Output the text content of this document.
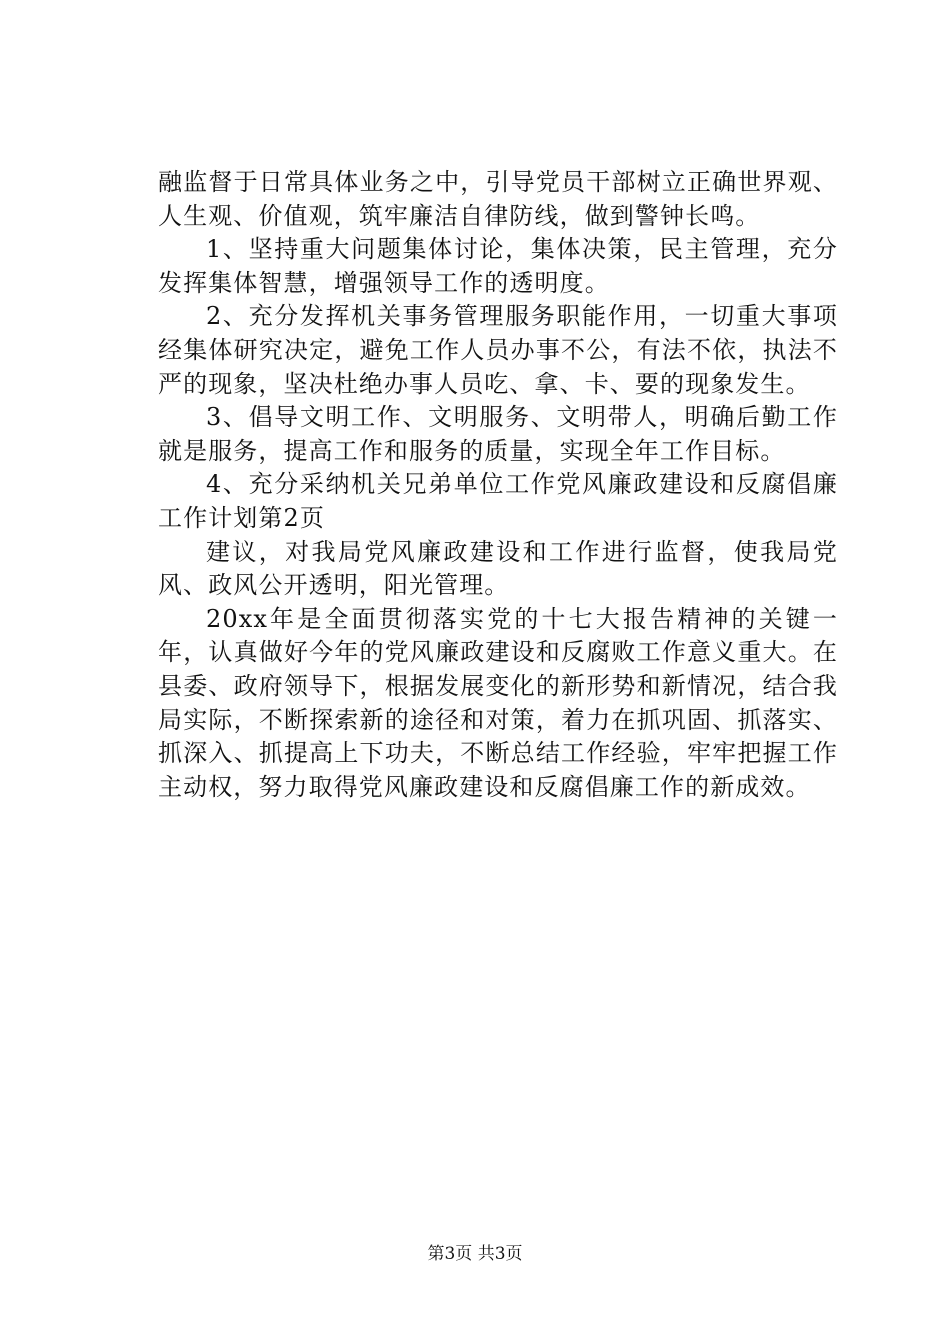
融监督于日常具体业务之中，引导党员干部树立正确世界观、人生观、价值观，筑牢廉洁自律防线，做到警钟长鸣。

1、坚持重大问题集体讨论，集体决策，民主管理，充分发挥集体智慧，增强领导工作的透明度。

2、充分发挥机关事务管理服务职能作用，一切重大事项经集体研究决定，避免工作人员办事不公，有法不依，执法不严的现象，坚决杜绝办事人员吃、拿、卡、要的现象发生。

3、倡导文明工作、文明服务、文明带人，明确后勤工作就是服务，提高工作和服务的质量，实现全年工作目标。

4、充分采纳机关兄弟单位工作党风廉政建设和反腐倡廉工作计划第2页

建议，对我局党风廉政建设和工作进行监督，使我局党风、政风公开透明，阳光管理。

20xx年是全面贯彻落实党的十七大报告精神的关键一年，认真做好今年的党风廉政建设和反腐败工作意义重大。在县委、政府领导下，根据发展变化的新形势和新情况，结合我局实际，不断探索新的途径和对策，着力在抓巩固、抓落实、抓深入、抓提高上下功夫，不断总结工作经验，牢牢把握工作主动权，努力取得党风廉政建设和反腐倡廉工作的新成效。

第3页 共3页
